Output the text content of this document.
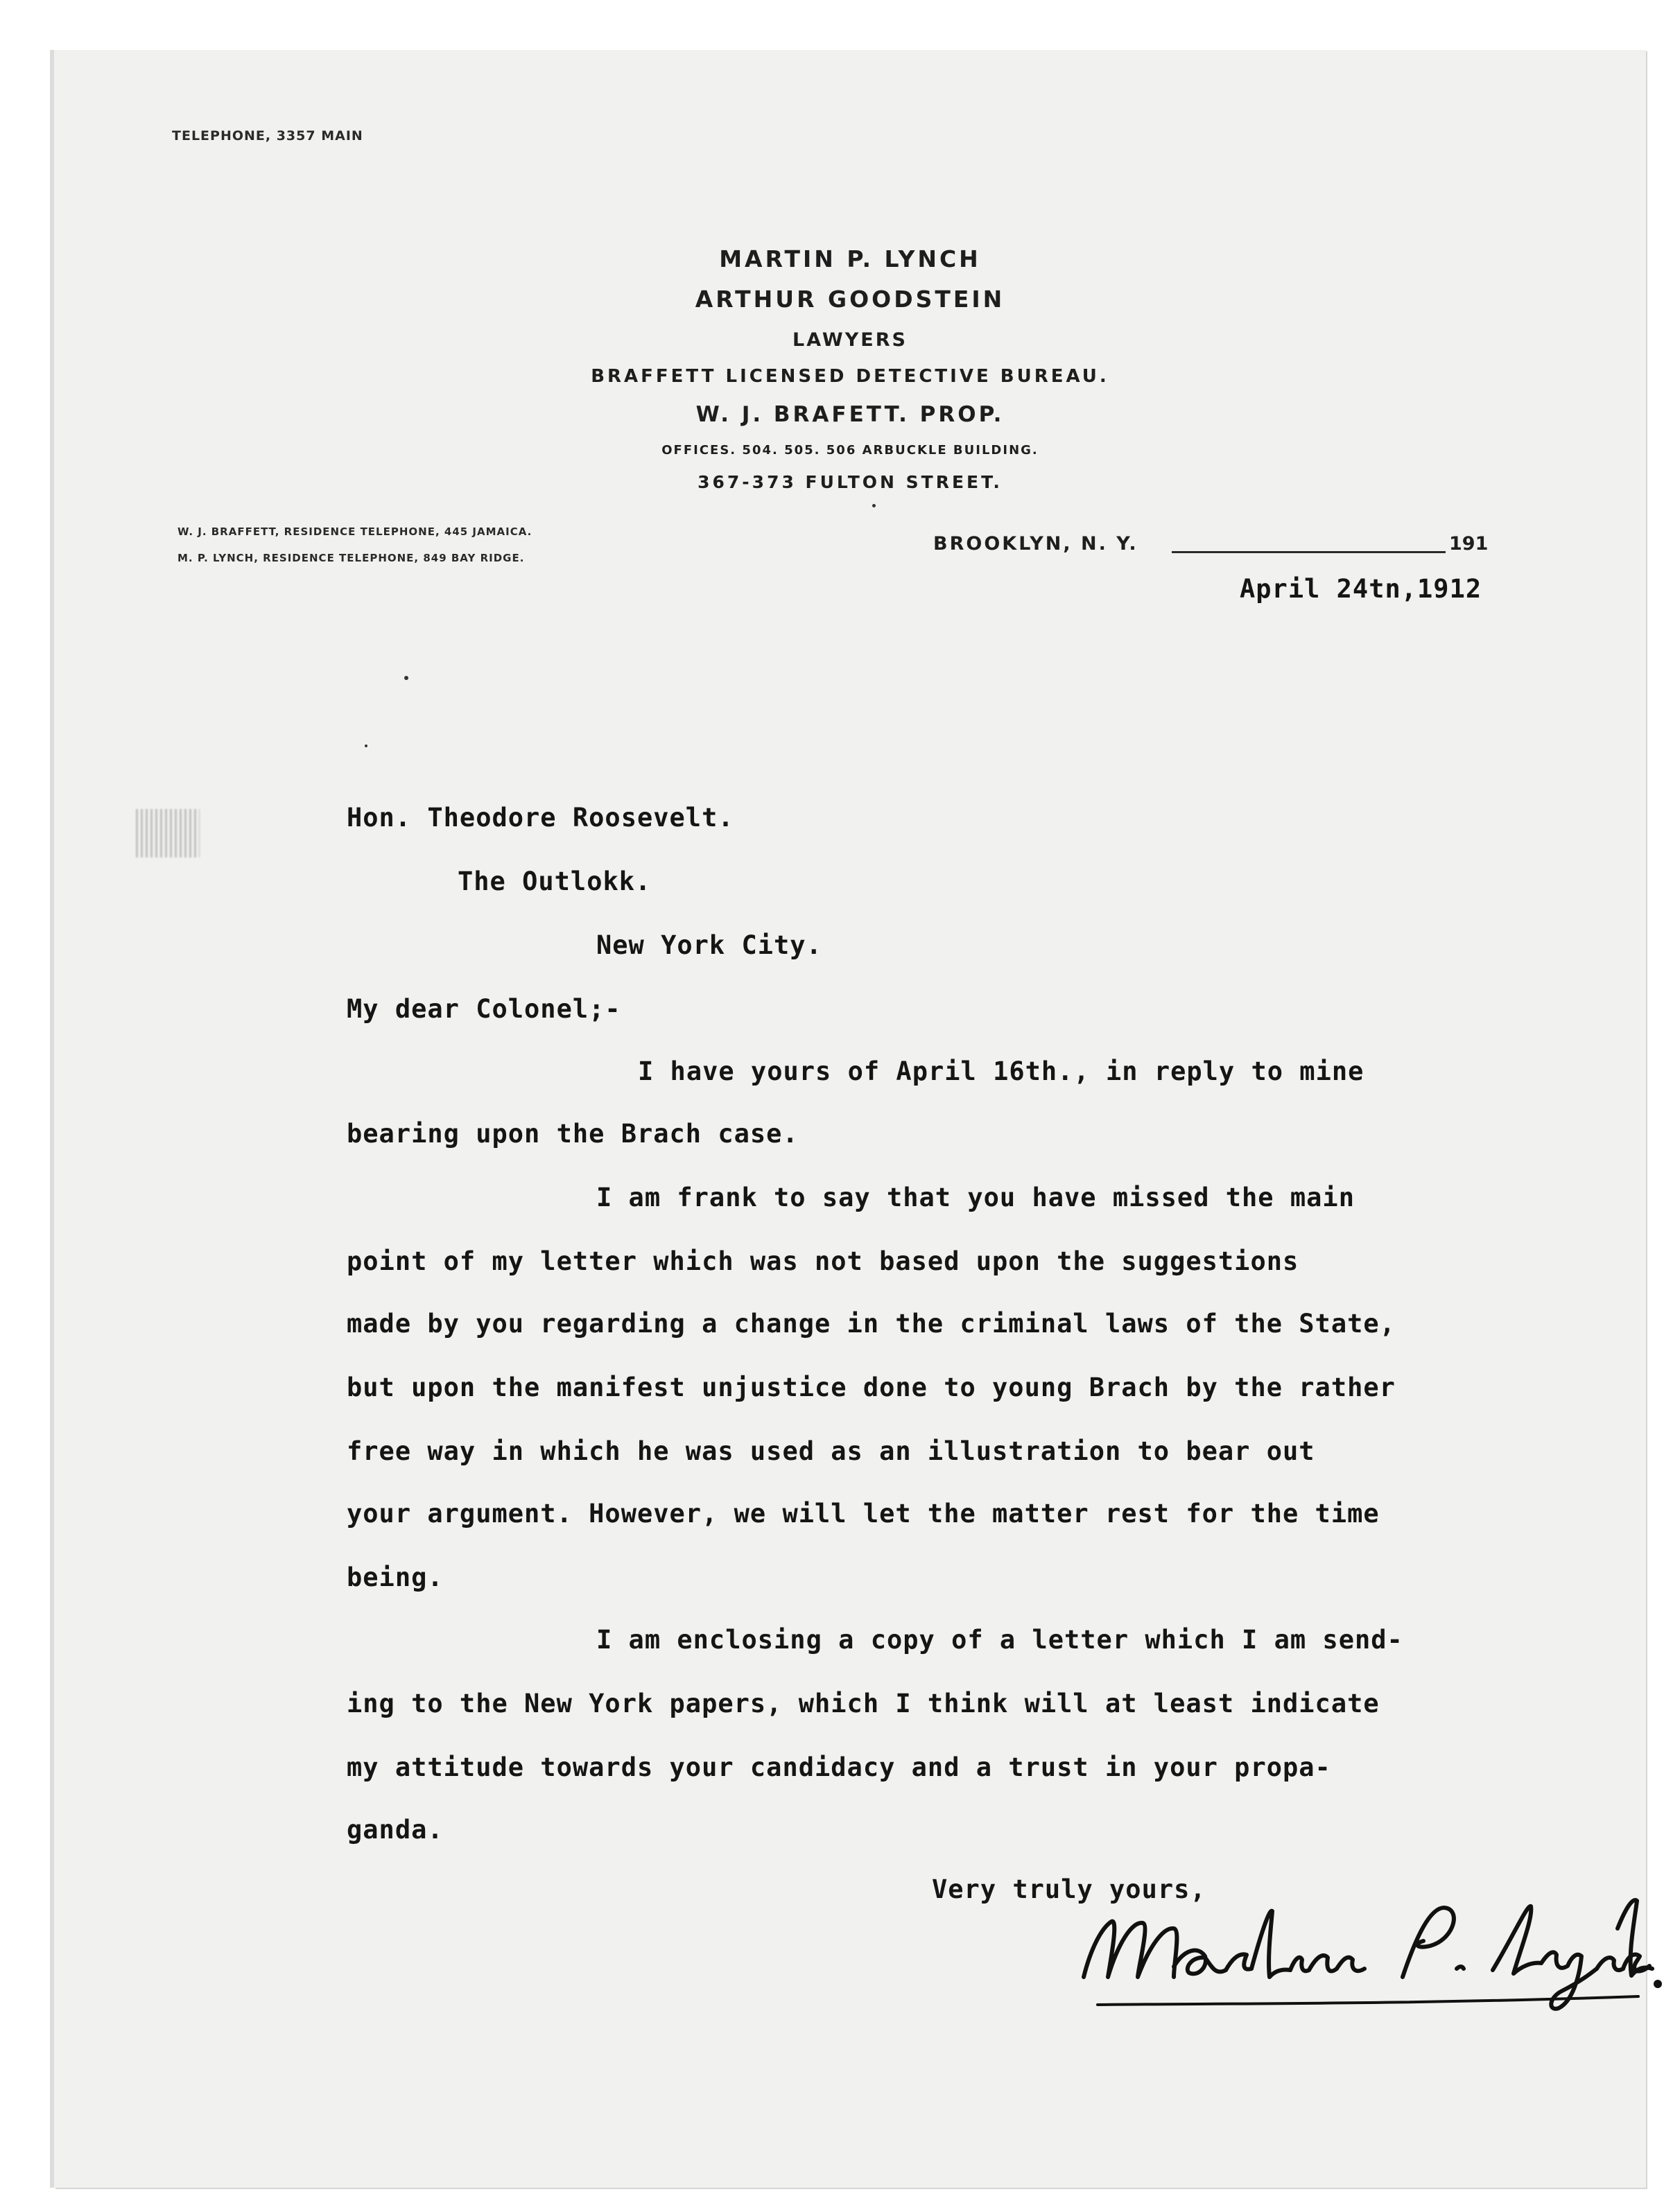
TELEPHONE, 3357 MAIN
MARTIN P. LYNCH
ARTHUR GOODSTEIN
LAWYERS
BRAFFETT LICENSED DETECTIVE BUREAU.
W. J. BRAFETT. PROP.
OFFICES. 504. 505. 506 ARBUCKLE BUILDING.
367-373 FULTON STREET.
W. J. BRAFFETT, RESIDENCE TELEPHONE, 445 JAMAICA.
M. P. LYNCH, RESIDENCE TELEPHONE, 849 BAY RIDGE.
BROOKLYN, N. Y.	191
April 24tn,1912

Hon. Theodore Roosevelt.
The Outlokk.
New York City.
My dear Colonel;-
I have yours of April 16th., in reply to mine
bearing upon the Brach case.
I am frank to say that you have missed the main
point of my letter which was not based upon the suggestions
made by you regarding a change in the criminal laws of the State,
but upon the manifest unjustice done to young Brach by the rather
free way in which he was used as an illustration to bear out
your argument. However, we will let the matter rest for the time
being.
I am enclosing a copy of a letter which I am send-
ing to the New York papers, which I think will at least indicate
my attitude towards your candidacy and a trust in your propa-
ganda.
Very truly yours,
